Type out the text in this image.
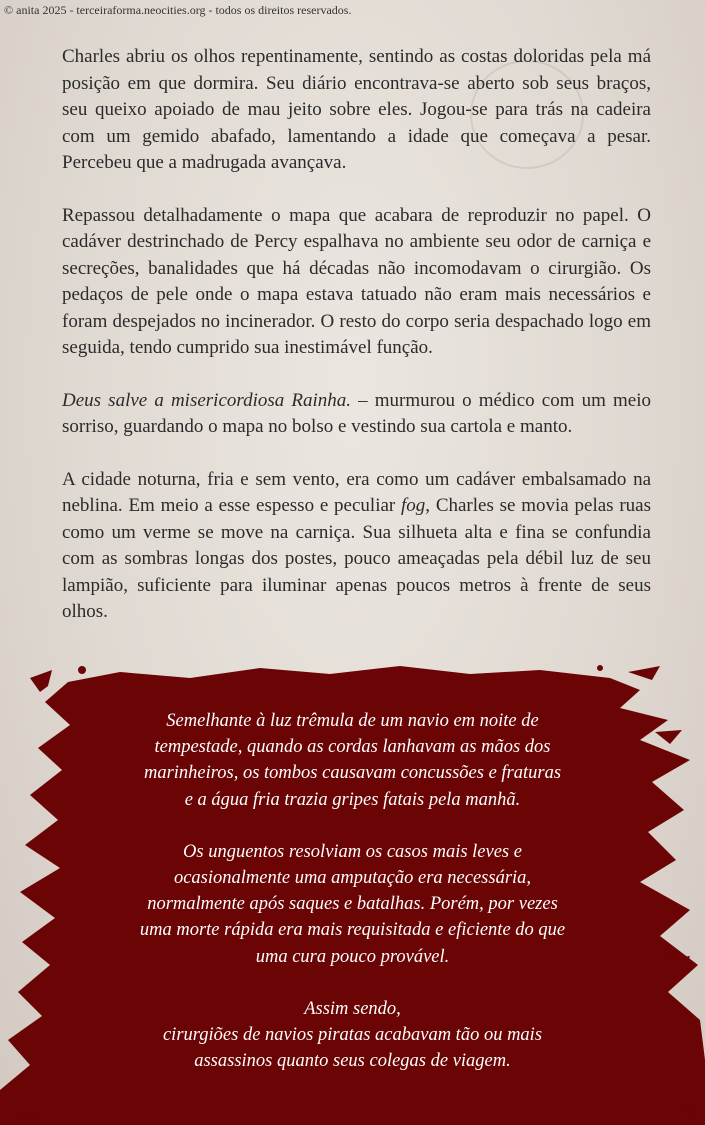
© anita 2025 - terceiraforma.neocities.org - todos os direitos reservados.

Charles abriu os olhos repentinamente, sentindo as costas doloridas pela má posição em que dormira. Seu diário encontrava-se aberto sob seus braços, seu queixo apoiado de mau jeito sobre eles. Jogou-se para trás na cadeira com um gemido abafado, lamentando a idade que começava a pesar. Percebeu que a madrugada avançava.

Repassou detalhadamente o mapa que acabara de reproduzir no papel. O cadáver destrinchado de Percy espalhava no ambiente seu odor de carniça e secreções, banalidades que há décadas não incomodavam o cirurgião. Os pedaços de pele onde o mapa estava tatuado não eram mais necessários e foram despejados no incinerador. O resto do corpo seria despachado logo em seguida, tendo cumprido sua inestimável função.

Deus salve a misericordiosa Rainha. – murmurou o médico com um meio sorriso, guardando o mapa no bolso e vestindo sua cartola e manto.

A cidade noturna, fria e sem vento, era como um cadáver embalsamado na neblina. Em meio a esse espesso e peculiar fog, Charles se movia pelas ruas como um verme se move na carniça. Sua silhueta alta e fina se confundia com as sombras longas dos postes, pouco ameaçadas pela débil luz de seu lampião, suficiente para iluminar apenas poucos metros à frente de seus olhos.

Semelhante à luz trêmula de um navio em noite de
tempestade, quando as cordas lanhavam as mãos dos
marinheiros, os tombos causavam concussões e fraturas
e a água fria trazia gripes fatais pela manhã.

Os unguentos resolviam os casos mais leves e
ocasionalmente uma amputação era necessária,
normalmente após saques e batalhas. Porém, por vezes
uma morte rápida era mais requisitada e eficiente do que
uma cura pouco provável.

Assim sendo,
cirurgiões de navios piratas acabavam tão ou mais
assassinos quanto seus colegas de viagem.
